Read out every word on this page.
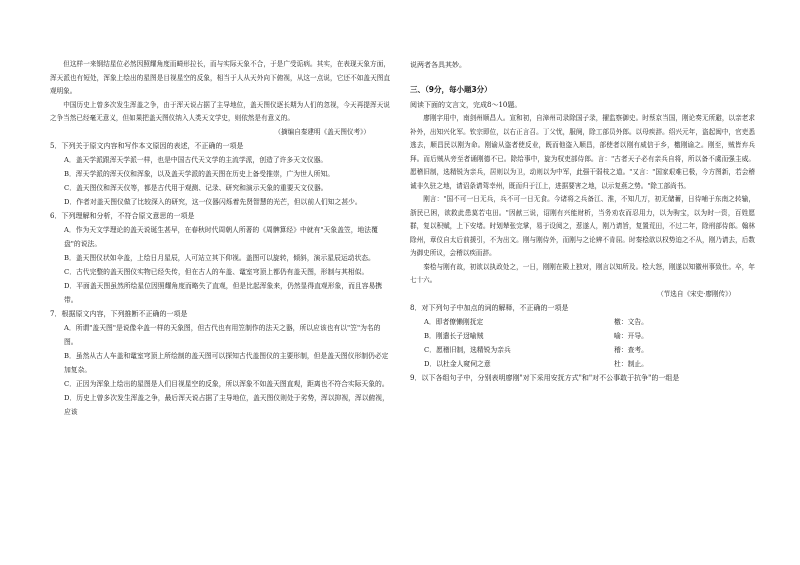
但这样一来钢结星位必然因照耀角度而畸形拉长，而与实际天象不合，于是广受诟病。其实，在表现天象方面，浑天派也有短处，浑象上绘出的星图是目视星空的反象，相当于人从天外向下俯视，从这一点说，它还不如盖天图直观明象。

中国历史上曾多次发生浑盖之争，由于浑天说占据了主导地位，盖天图仪逐长期为人们的忽视，今天再提浑天说之争当然已经毫无意义，但如果把盖天图仪纳入人类天文学史，则依然是有意义的。

（摘编自秦建明《盖天图仪考》）

5．下列关于原文内容和写作本文原因的表述，不正确的一项是

A．盖天学派跟浑天学派一样，也是中国古代天文学的主流学派，创造了许多天文仪器。

B．浑天学派的浑天仪和浑象，以及盖天学派的盖天图在历史上备受推崇，广为世人所知。

C．盖天图仪和浑天仪等，都是古代用于观测、记录、研究和演示天象的重要天文仪器。

D．作者对盖天图仪做了比较深入的研究，这一仪器闪烁着先贤智慧的光芒，但以前人们知之甚少。

6．下列理解和分析，不符合原文意思的一项是

A．作为天文学理论的盖天说诞生甚早，在春秋时代周朝人所著的《周髀算经》中就有"天象盖笠，地法覆盘"的说法。

B．盖天图仪状如伞盖，上绘日月星辰，人可站立其下仰视。盖图可以旋转，倾斜，演示星辰运动状态。

C．古代完整的盖天图仪实物已经失传，但在古人的车盖、鼋室穹顶上都仍有盖天图，形制与其相似。

D．平面盖天图虽然所绘星位因照耀角度而略失了直观，但是比起浑象来，仍然显得直观形象，而且容易携带。

7．根据原文内容，下列推断不正确的一项是

A．所谓"盖天图"是说像伞盖一样的天象图，但古代也有用笠制作的法天之器，所以应该也有以"笠"为名的图。

B．虽然从古人车盖和鼋室穹顶上所绘制的盖天图可以探知古代盖图仪的主要形制，但是盖天图仪形制仍必定加复杂。

C．正因为浑象上绘出的星图是人们目视星空的反象，所以浑象不如盖天图直观，距离也不符合实际天象的。

D．历史上曾多次发生浑盖之争，最后浑天说占据了主导地位，盖天图仪则处于劣势，浑以抑视，浑以俯视，应该

说两者各具其妙。

三、（9分，每小题3分）

阅读下面的文言文，完成8～10题。

廖刚字用中，南剑州顺昌人。宣和初，自漳州司录除国子录，擢监察御史。时蔡京当国，刚论奏无所避，以亲老求补外，出知兴化军。钦宗即位，以右正言召。丁父忧，服阕，除工部员外郎。以母疾辞。绍兴元年，盗起闽中，官吏悉逃去，顺昌民以刚为命。刚谕从盗者使反业，既而他盗入顺昌，部使者以刚有威信于乡，檄刚谕之。刚至，贼皆弃兵拜。而后贼从旁至者诵刚德不已。除给事中，旋为权吏部侍郎。言："古者天子必有亲兵自将，所以备不虞而强主威。愿稽旧制，选精锐为亲兵，居则以为卫，动则以为中军，此强干弱枝之道。"又言："国家艰难已极，今方图新，若会稽诚非久驻之地，请诏条请驾幸州，既而归于江上，进据要害之地，以示复燕之势。"除工部尚书。

刚言："国不可一日无兵，兵不可一日无食。今诸将之兵备江、淮，不知几万，初无储蓄，日待哺于东南之转输，浙民已困，欲救此患莫若屯田。"因献三说，诏刚有兴能财析，当务劝农而忍用力，以为驹宝，以为时一资，百姓愿群，复以积赋，上下安堵。时划辇张完掌，易于设阅之，惹遂人，刚乃请旨，复置荒田，不过二年，除刑部侍郎。翰林除州，章仪自太后前援引，不为出文。刚与刚侍外，而刚与之论辨不肯屈。时秦桧欲以权势迫之不从，刚乃请去，后数为御史所议，会稽以疾而辞。

秦桧与刚有故，初欲以执政处之，一日，刚刚在殿上独对，刚言以知所及。桧大怒，刚遂以知徽州事致仕。卒，年七十六。

（节选自《宋史·廖刚传》）

8．对下列句子中加点的词的解释，不正确的一项是

A．即者僚懒刚抚定	檄：文告。
B．刚遣长子迓喻贼	喻：开导。
C．愿稽旧制，选精锐为亲兵	稽：查考。
D．以杜金人窥伺之意	杜：制止。

9．以下各组句子中，分别表明廖刚"对下采用安抚方式"和"对不公事敢于抗争"的一组是
